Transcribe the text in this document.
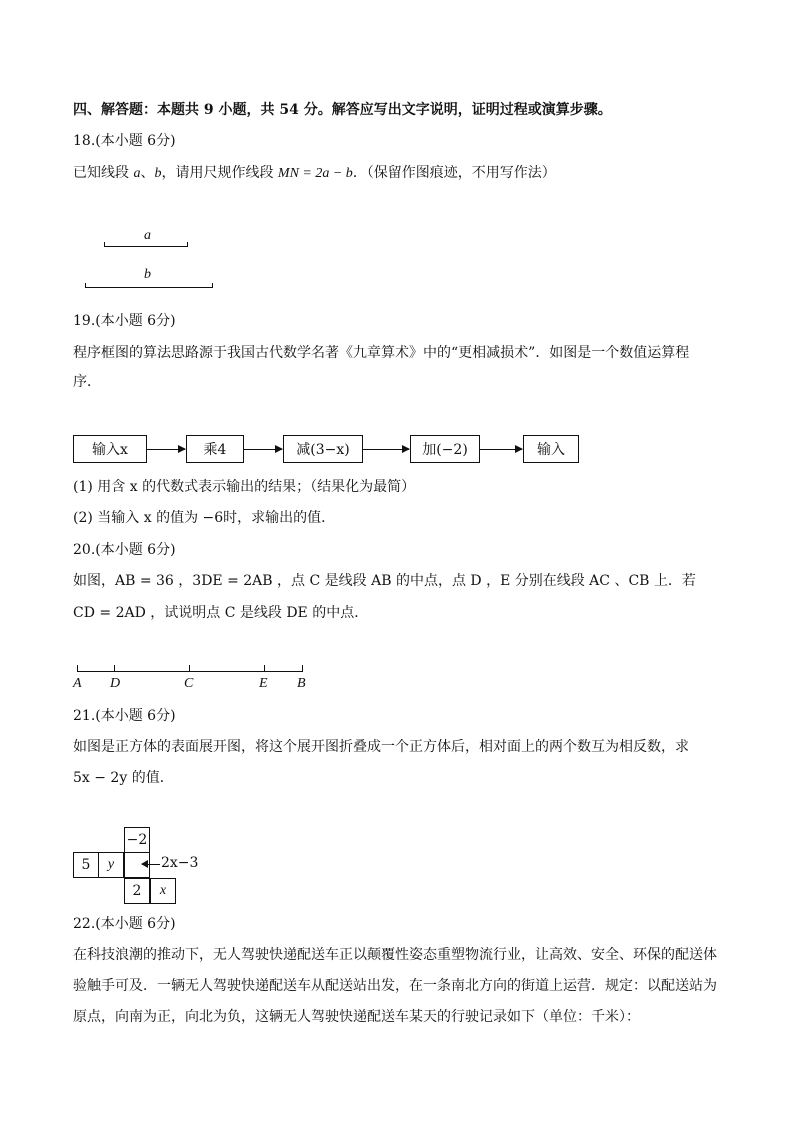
四、解答题：本题共 9 小题，共 54 分。解答应写出文字说明，证明过程或演算步骤。
18.(本小题 6分)
已知线段 a、b，请用尺规作线段 MN = 2a − b．（保留作图痕迹，不用写作法）
a
b
19.(本小题 6分)
程序框图的算法思路源于我国古代数学名著《九章算术》中的“更相减损术”．如图是一个数值运算程
序．
输入x	乘4	减(3−x)	加(−2)	输入
(1) 用含 x 的代数式表示输出的结果；（结果化为最简）
(2) 当输入 x 的值为 −6时，求输出的值．
20.(本小题 6分)
如图，AB = 36 ，3DE = 2AB ，点 C 是线段 AB 的中点，点 D ，E 分别在线段 AC 、CB 上．若
CD = 2AD ，试说明点 C 是线段 DE 的中点．
A D	C	E B
21.(本小题 6分)
如图是正方体的表面展开图，将这个展开图折叠成一个正方体后，相对面上的两个数互为相反数，求
5x − 2y 的值．
−2
5	y
2	x
2x−3
22.(本小题 6分)
在科技浪潮的推动下，无人驾驶快递配送车正以颠覆性姿态重塑物流行业，让高效、安全、环保的配送体
验触手可及．一辆无人驾驶快递配送车从配送站出发，在一条南北方向的街道上运营．规定：以配送站为
原点，向南为正，向北为负，这辆无人驾驶快递配送车某天的行驶记录如下（单位：千米）：
